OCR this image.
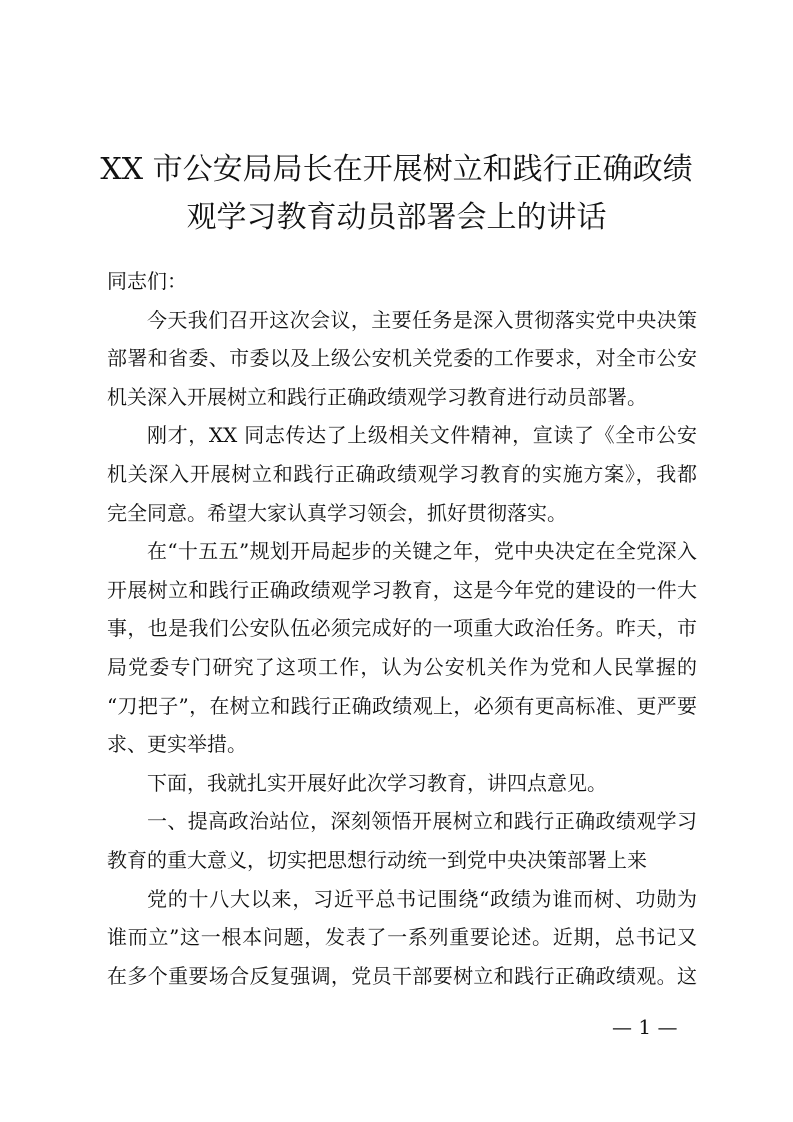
XX 市公安局局长在开展树立和践行正确政绩
观学习教育动员部署会上的讲话

同志们：

今天我们召开这次会议，主要任务是深入贯彻落实党中央决策
部署和省委、市委以及上级公安机关党委的工作要求，对全市公安
机关深入开展树立和践行正确政绩观学习教育进行动员部署。

刚才，XX 同志传达了上级相关文件精神，宣读了《全市公安
机关深入开展树立和践行正确政绩观学习教育的实施方案》，我都
完全同意。希望大家认真学习领会，抓好贯彻落实。

在“十五五”规划开局起步的关键之年，党中央决定在全党深入
开展树立和践行正确政绩观学习教育，这是今年党的建设的一件大
事，也是我们公安队伍必须完成好的一项重大政治任务。昨天，市
局党委专门研究了这项工作，认为公安机关作为党和人民掌握的
“刀把子”，在树立和践行正确政绩观上，必须有更高标准、更严要
求、更实举措。

下面，我就扎实开展好此次学习教育，讲四点意见。

一、提高政治站位，深刻领悟开展树立和践行正确政绩观学习
教育的重大意义，切实把思想行动统一到党中央决策部署上来

党的十八大以来，习近平总书记围绕“政绩为谁而树、功勋为
谁而立”这一根本问题，发表了一系列重要论述。近期，总书记又
在多个重要场合反复强调，党员干部要树立和践行正确政绩观。这

— 1 —
